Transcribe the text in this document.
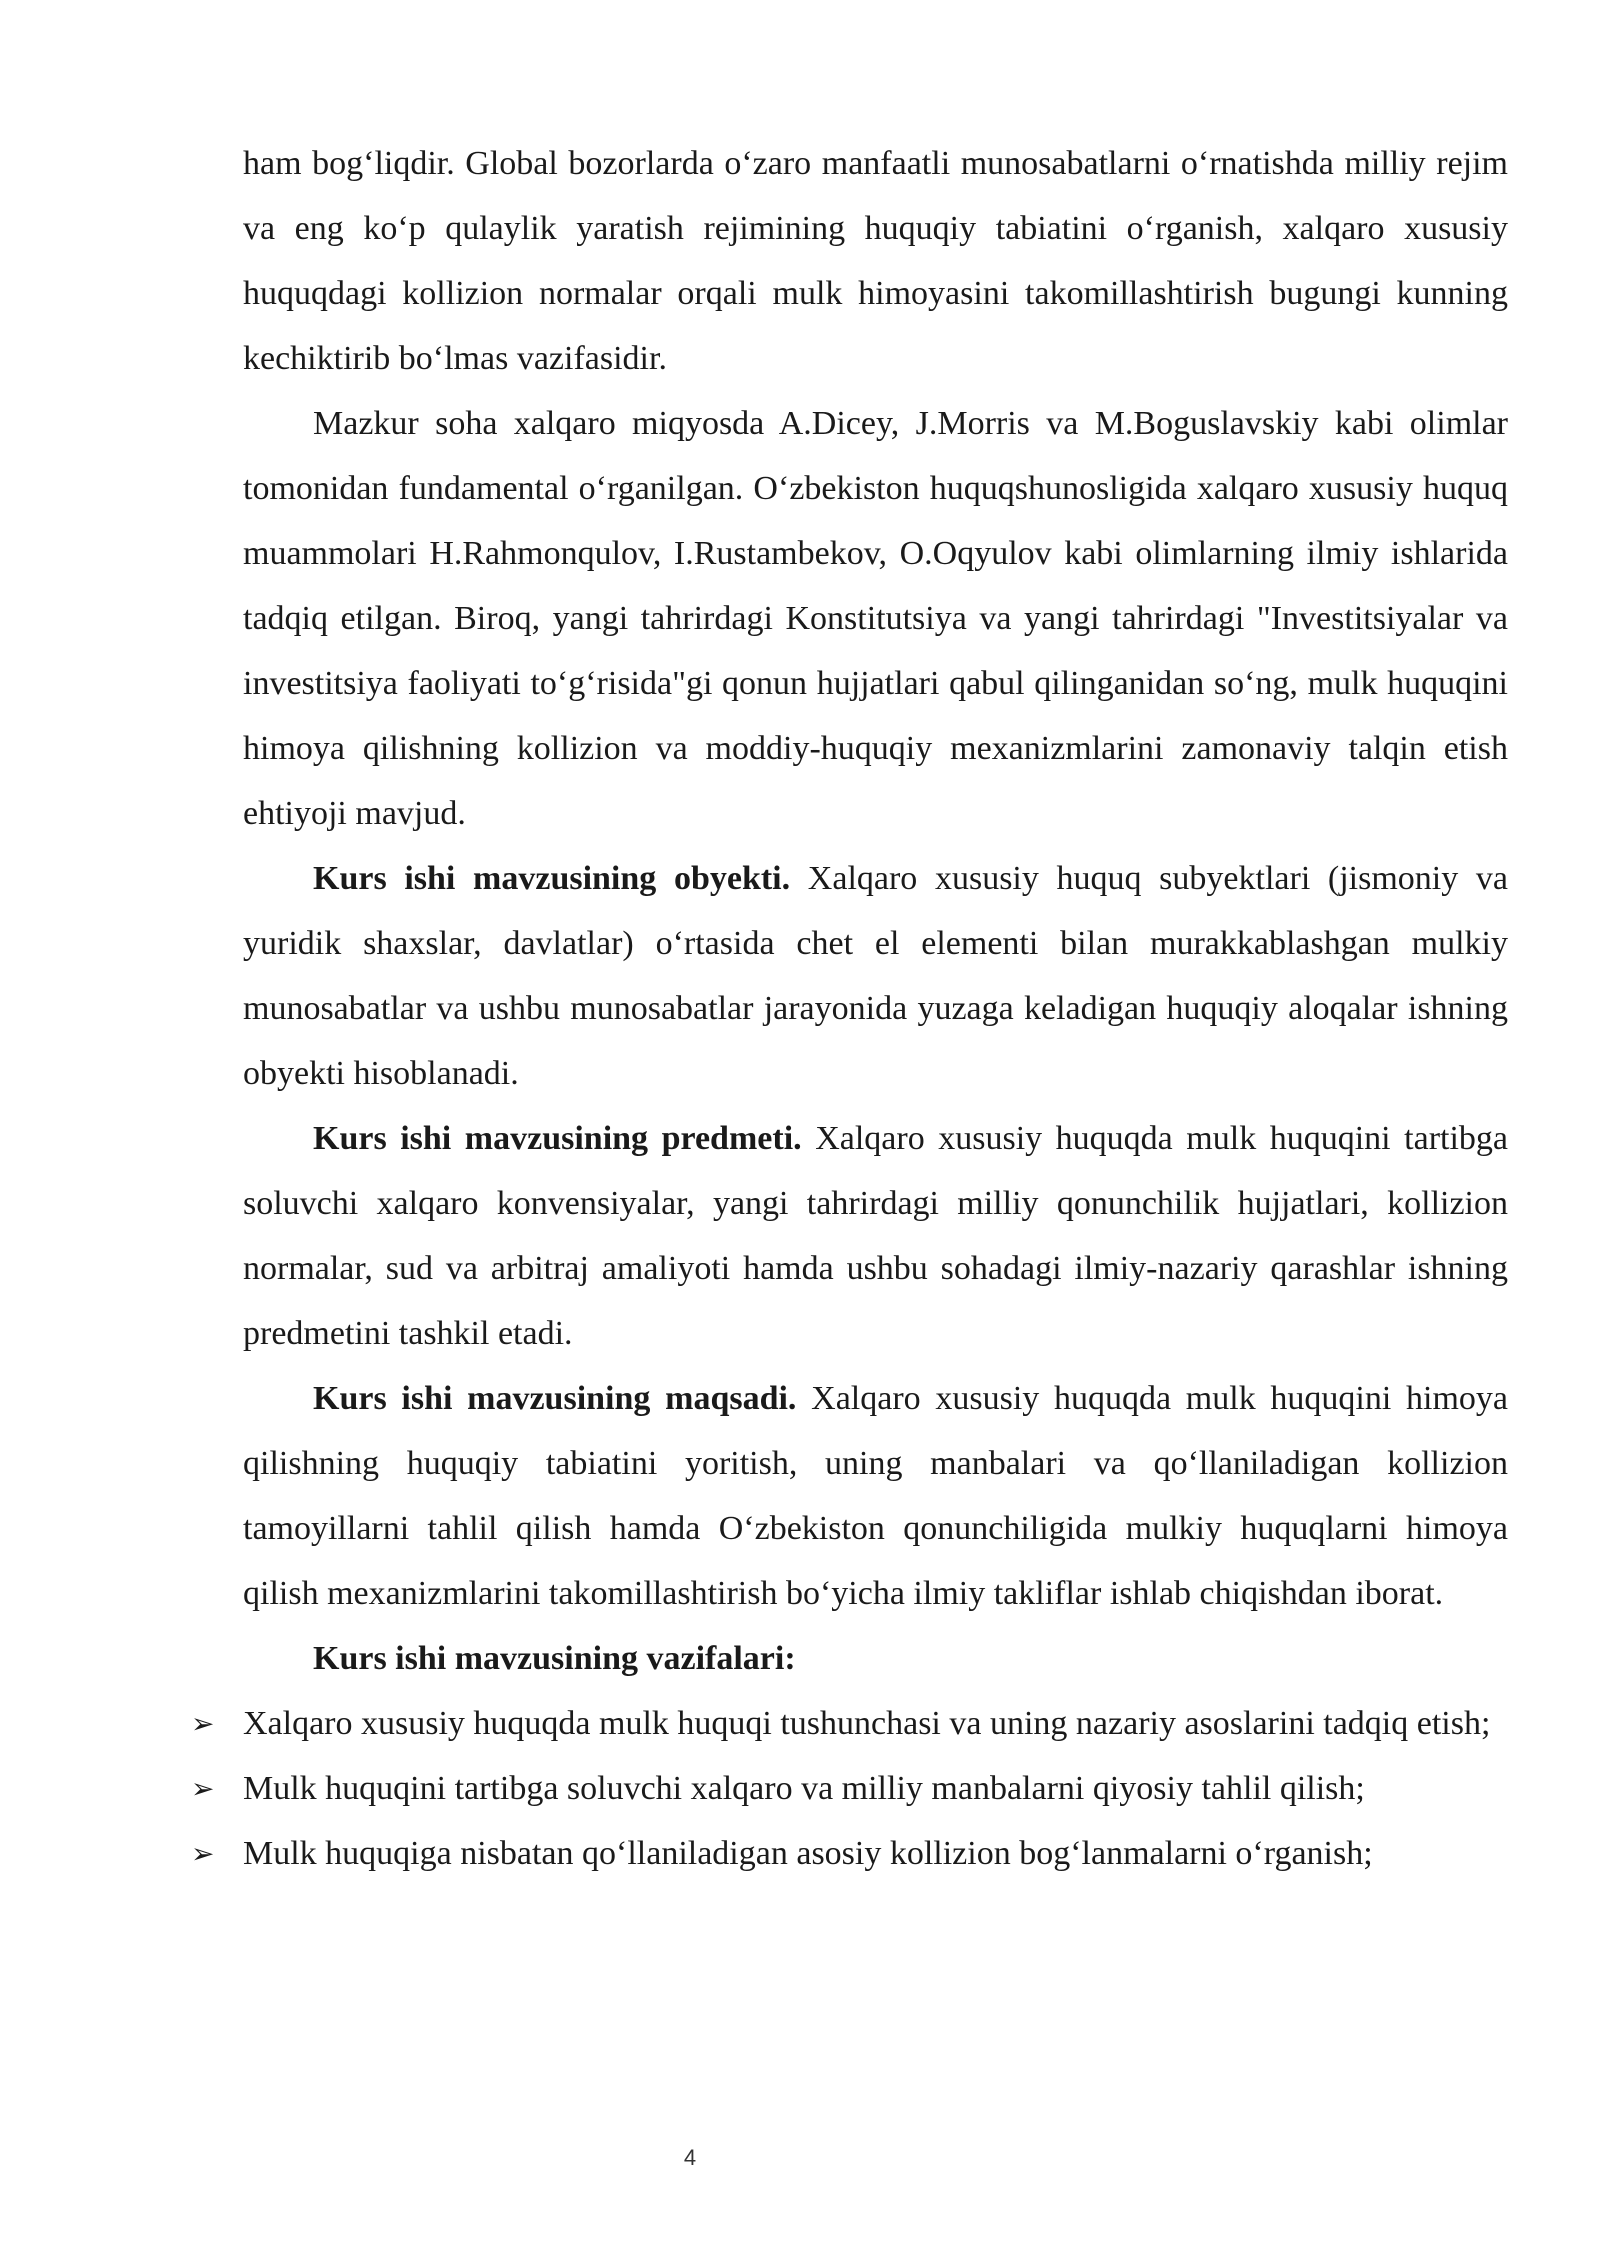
ham bog‘liqdir. Global bozorlarda o‘zaro manfaatli munosabatlarni o‘rnatishda milliy rejim va eng ko‘p qulaylik yaratish rejimining huquqiy tabiatini o‘rganish, xalqaro xususiy huquqdagi kollizion normalar orqali mulk himoyasini takomillashtirish bugungi kunning kechiktirib bo‘lmas vazifasidir.

Mazkur soha xalqaro miqyosda A.Dicey, J.Morris va M.Boguslavskiy kabi olimlar tomonidan fundamental o‘rganilgan. O‘zbekiston huquqshunosligida xalqaro xususiy huquq muammolari H.Rahmonqulov, I.Rustambekov, O.Oqyulov kabi olimlarning ilmiy ishlarida tadqiq etilgan. Biroq, yangi tahrirdagi Konstitutsiya va yangi tahrirdagi "Investitsiyalar va investitsiya faoliyati to‘g‘risida"gi qonun hujjatlari qabul qilinganidan so‘ng, mulk huquqini himoya qilishning kollizion va moddiy-huquqiy mexanizmlarini zamonaviy talqin etish ehtiyoji mavjud.

Kurs ishi mavzusining obyekti. Xalqaro xususiy huquq subyektlari (jismoniy va yuridik shaxslar, davlatlar) o‘rtasida chet el elementi bilan murakkablashgan mulkiy munosabatlar va ushbu munosabatlar jarayonida yuzaga keladigan huquqiy aloqalar ishning obyekti hisoblanadi.

Kurs ishi mavzusining predmeti. Xalqaro xususiy huquqda mulk huquqini tartibga soluvchi xalqaro konvensiyalar, yangi tahrirdagi milliy qonunchilik hujjatlari, kollizion normalar, sud va arbitraj amaliyoti hamda ushbu sohadagi ilmiy-nazariy qarashlar ishning predmetini tashkil etadi.

Kurs ishi mavzusining maqsadi. Xalqaro xususiy huquqda mulk huquqini himoya qilishning huquqiy tabiatini yoritish, uning manbalari va qo‘llaniladigan kollizion tamoyillarni tahlil qilish hamda O‘zbekiston qonunchiligida mulkiy huquqlarni himoya qilish mexanizmlarini takomillashtirish bo‘yicha ilmiy takliflar ishlab chiqishdan iborat.

Kurs ishi mavzusining vazifalari:

➢ Xalqaro xususiy huquqda mulk huquqi tushunchasi va uning nazariy asoslarini tadqiq etish;
➢ Mulk huquqini tartibga soluvchi xalqaro va milliy manbalarni qiyosiy tahlil qilish;
➢ Mulk huquqiga nisbatan qo‘llaniladigan asosiy kollizion bog‘lanmalarni o‘rganish;
4
